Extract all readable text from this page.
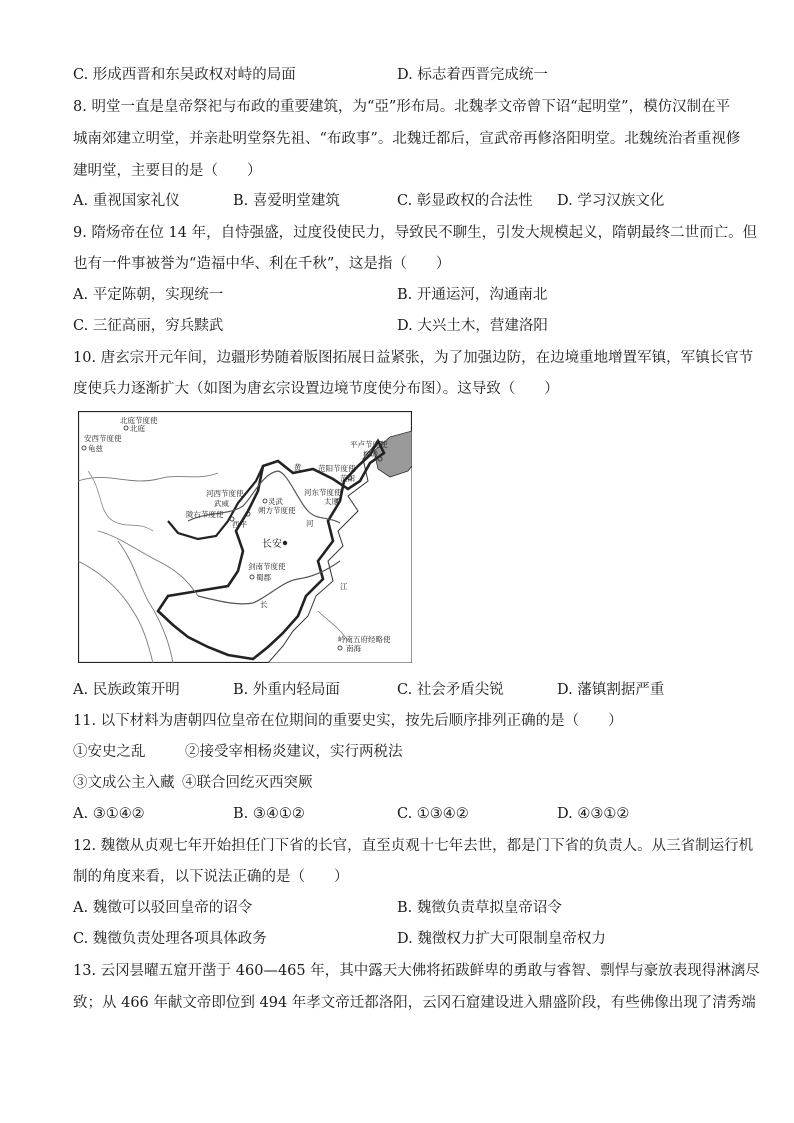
C. 形成西晋和东吴政权对峙的局面	D. 标志着西晋完成统一
8. 明堂一直是皇帝祭祀与布政的重要建筑，为“亞”形布局。北魏孝文帝曾下诏“起明堂”，模仿汉制在平
城南郊建立明堂，并亲赴明堂祭先祖、“布政事”。北魏迁都后，宣武帝再修洛阳明堂。北魏统治者重视修
建明堂，主要目的是（　　）
A. 重视国家礼仪	B. 喜爱明堂建筑	C. 彰显政权的合法性 D. 学习汉族文化
9. 隋炀帝在位 14 年，自恃强盛，过度役使民力，导致民不聊生，引发大规模起义，隋朝最终二世而亡。但
也有一件事被誉为“造福中华、利在千秋”，这是指（　　）
A. 平定陈朝，实现统一	B. 开通运河，沟通南北
C. 三征高丽，穷兵黩武	D. 大兴土木，营建洛阳
10. 唐玄宗开元年间，边疆形势随着版图拓展日益紧张，为了加强边防，在边境重地增置军镇，军镇长官节
度使兵力逐渐扩大（如图为唐玄宗设置边境节度使分布图）。这导致（　　）
北庭节度使
北庭
安西节度使
龟兹	平卢节度使
柳城
范阳节度使
范阳
河东节度使
太原
河西节度使
武威	灵武
朔方节度使
陇右节度使
西平
长安
剑南节度使
蜀郡
岭南五府经略使
南海
黄
河
长
江
A. 民族政策开明	B. 外重内轻局面	C. 社会矛盾尖锐	D. 藩镇割据严重
11. 以下材料为唐朝四位皇帝在位期间的重要史实，按先后顺序排列正确的是（　　）
①安史之乱	②接受宰相杨炎建议，实行两税法
③文成公主入藏 ④联合回纥灭西突厥
A. ③①④②	B. ③④①②	C. ①③④②	D. ④③①②
12. 魏徵从贞观七年开始担任门下省的长官，直至贞观十七年去世，都是门下省的负责人。从三省制运行机
制的角度来看，以下说法正确的是（　　）
A. 魏徵可以驳回皇帝的诏令	B. 魏徵负责草拟皇帝诏令
C. 魏徵负责处理各项具体政务	D. 魏徵权力扩大可限制皇帝权力
13. 云冈昙曜五窟开凿于 460—465 年，其中露天大佛将拓跋鲜卑的勇敢与睿智、剽悍与豪放表现得淋漓尽
致；从 466 年献文帝即位到 494 年孝文帝迁都洛阳，云冈石窟建设进入鼎盛阶段，有些佛像出现了清秀端
